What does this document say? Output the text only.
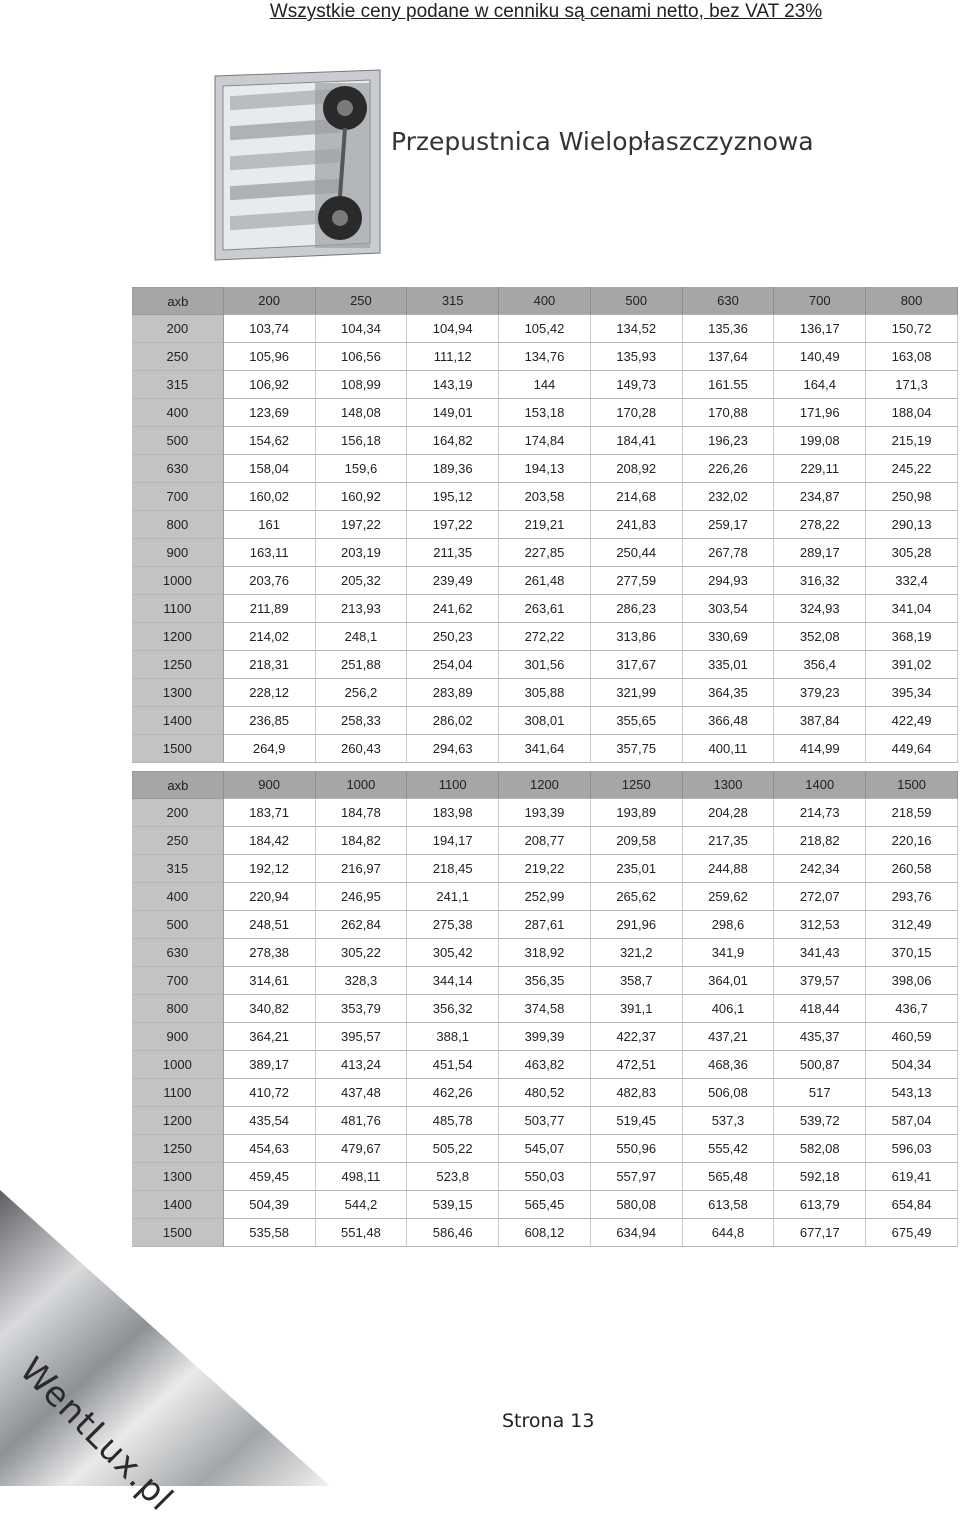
Wszystkie ceny podane w cenniku są cenami netto, bez VAT 23%
Przepustnica Wielopłaszczyznowa
axb	200	250	315	400	500	630	700	800
200	103,74	104,34	104,94	105,42	134,52	135,36	136,17	150,72
250	105,96	106,56	111,12	134,76	135,93	137,64	140,49	163,08
315	106,92	108,99	143,19	144	149,73	161.55	164,4	171,3
400	123,69	148,08	149,01	153,18	170,28	170,88	171,96	188,04
500	154,62	156,18	164,82	174,84	184,41	196,23	199,08	215,19
630	158,04	159,6	189,36	194,13	208,92	226,26	229,11	245,22
700	160,02	160,92	195,12	203,58	214,68	232,02	234,87	250,98
800	161	197,22	197,22	219,21	241,83	259,17	278,22	290,13
900	163,11	203,19	211,35	227,85	250,44	267,78	289,17	305,28
1000	203,76	205,32	239,49	261,48	277,59	294,93	316,32	332,4
1100	211,89	213,93	241,62	263,61	286,23	303,54	324,93	341,04
1200	214,02	248,1	250,23	272,22	313,86	330,69	352,08	368,19
1250	218,31	251,88	254,04	301,56	317,67	335,01	356,4	391,02
1300	228,12	256,2	283,89	305,88	321,99	364,35	379,23	395,34
1400	236,85	258,33	286,02	308,01	355,65	366,48	387,84	422,49
1500	264,9	260,43	294,63	341,64	357,75	400,11	414,99	449,64
axb	900	1000	1100	1200	1250	1300	1400	1500
200	183,71	184,78	183,98	193,39	193,89	204,28	214,73	218,59
250	184,42	184,82	194,17	208,77	209,58	217,35	218,82	220,16
315	192,12	216,97	218,45	219,22	235,01	244,88	242,34	260,58
400	220,94	246,95	241,1	252,99	265,62	259,62	272,07	293,76
500	248,51	262,84	275,38	287,61	291,96	298,6	312,53	312,49
630	278,38	305,22	305,42	318,92	321,2	341,9	341,43	370,15
700	314,61	328,3	344,14	356,35	358,7	364,01	379,57	398,06
800	340,82	353,79	356,32	374,58	391,1	406,1	418,44	436,7
900	364,21	395,57	388,1	399,39	422,37	437,21	435,37	460,59
1000	389,17	413,24	451,54	463,82	472,51	468,36	500,87	504,34
1100	410,72	437,48	462,26	480,52	482,83	506,08	517	543,13
1200	435,54	481,76	485,78	503,77	519,45	537,3	539,72	587,04
1250	454,63	479,67	505,22	545,07	550,96	555,42	582,08	596,03
1300	459,45	498,11	523,8	550,03	557,97	565,48	592,18	619,41
1400	504,39	544,2	539,15	565,45	580,08	613,58	613,79	654,84
1500	535,58	551,48	586,46	608,12	634,94	644,8	677,17	675,49
WentLux.pl	Strona 13
